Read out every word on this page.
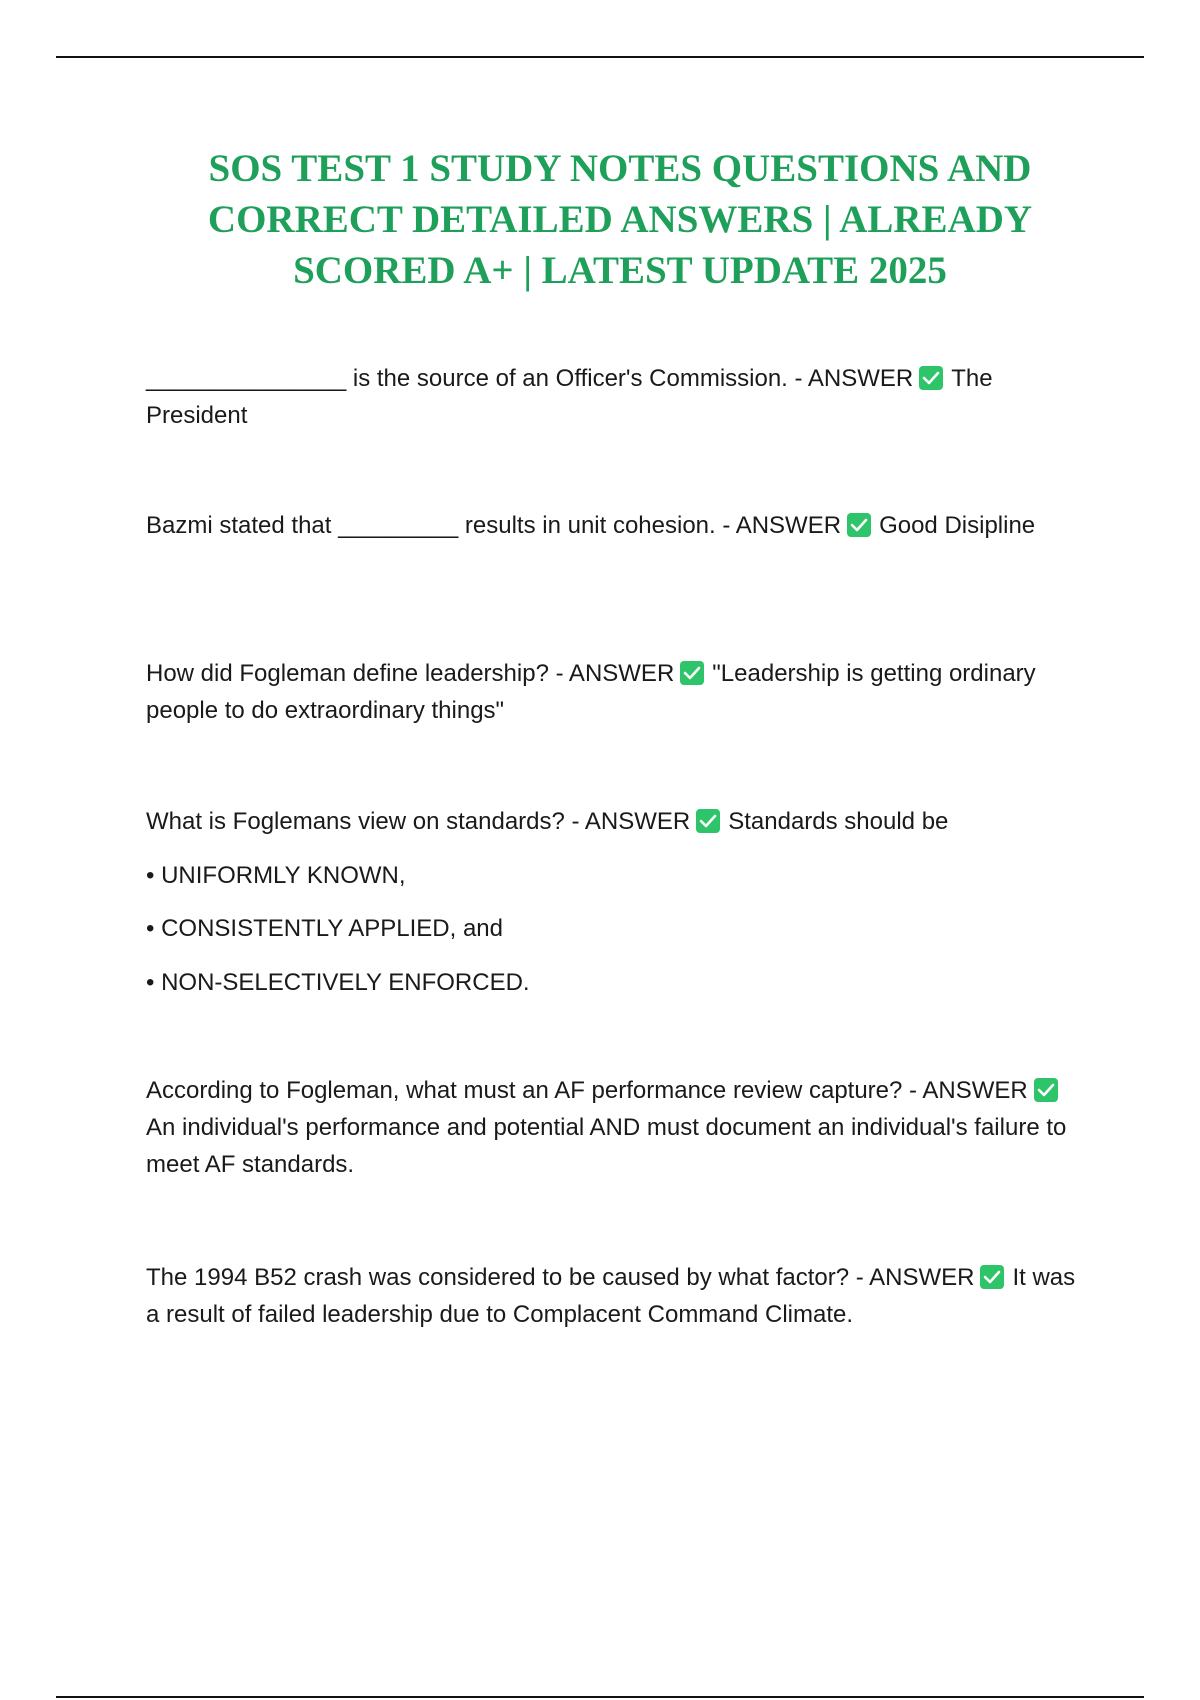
SOS TEST 1 STUDY NOTES QUESTIONS AND CORRECT DETAILED ANSWERS | ALREADY SCORED A+ | LATEST UPDATE 2025

_______________ is the source of an Officer's Commission. - ANSWER The President

Bazmi stated that _________ results in unit cohesion. - ANSWER Good Disipline

How did Fogleman define leadership? - ANSWER "Leadership is getting ordinary people to do extraordinary things"

What is Foglemans view on standards? - ANSWER Standards should be

• UNIFORMLY KNOWN,

• CONSISTENTLY APPLIED, and

• NON-SELECTIVELY ENFORCED.

According to Fogleman, what must an AF performance review capture? - ANSWER
An individual's performance and potential AND must document an individual's failure to meet AF standards.

The 1994 B52 crash was considered to be caused by what factor? - ANSWER It was a result of failed leadership due to Complacent Command Climate.
